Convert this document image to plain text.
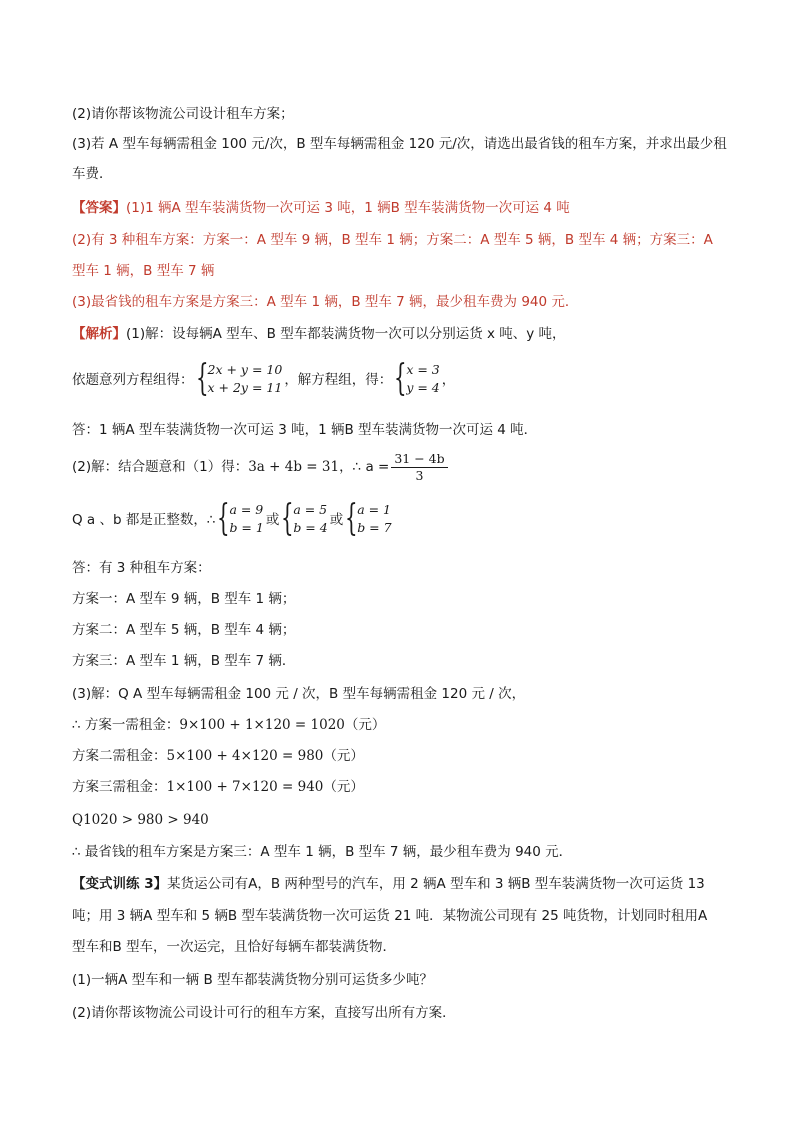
(2)请你帮该物流公司设计租车方案；
(3)若 A 型车每辆需租金 100 元/次，B 型车每辆需租金 120 元/次，请选出最省钱的租车方案，并求出最少租
车费．
【答案】(1)1 辆A 型车装满货物一次可运 3 吨，1 辆B 型车装满货物一次可运 4 吨
(2)有 3 种租车方案：方案一：A 型车 9 辆，B 型车 1 辆；方案二：A 型车 5 辆，B 型车 4 辆；方案三：A
型车 1 辆，B 型车 7 辆
(3)最省钱的租车方案是方案三：A 型车 1 辆，B 型车 7 辆，最少租车费为 940 元．
【解析】(1)解：设每辆A 型车、B 型车都装满货物一次可以分别运货 x 吨、y 吨，
依题意列方程组得： { 2x + y = 10
x + 2y = 11 ，解方程组，得： { x = 3
y = 4 ，
答：1 辆A 型车装满货物一次可运 3 吨，1 辆B 型车装满货物一次可运 4 吨．
(2)解：结合题意和（1）得：3a + 4b = 31，∴ $a = \frac{31 - 4b}{3}$
Q a 、b 都是正整数，∴ { a = 9
b = 1 或 { a = 5
b = 4 或 { a = 1
b = 7
答：有 3 种租车方案：
方案一：A 型车 9 辆，B 型车 1 辆；
方案二：A 型车 5 辆，B 型车 4 辆；
方案三：A 型车 1 辆，B 型车 7 辆．
(3)解：Q A 型车每辆需租金 100 元 / 次，B 型车每辆需租金 120 元 / 次，
∴ 方案一需租金：9×100 + 1×120 = 1020（元）
方案二需租金：5×100 + 4×120 = 980（元）
方案三需租金：1×100 + 7×120 = 940（元）
Q1020 > 980 > 940
∴ 最省钱的租车方案是方案三：A 型车 1 辆，B 型车 7 辆，最少租车费为 940 元．
【变式训练 3】某货运公司有A，B 两种型号的汽车，用 2 辆A 型车和 3 辆B 型车装满货物一次可运货 13
吨；用 3 辆A 型车和 5 辆B 型车装满货物一次可运货 21 吨．某物流公司现有 25 吨货物，计划同时租用A
型车和B 型车，一次运完，且恰好每辆车都装满货物．
(1)一辆A 型车和一辆 B 型车都装满货物分别可运货多少吨？
(2)请你帮该物流公司设计可行的租车方案，直接写出所有方案．
